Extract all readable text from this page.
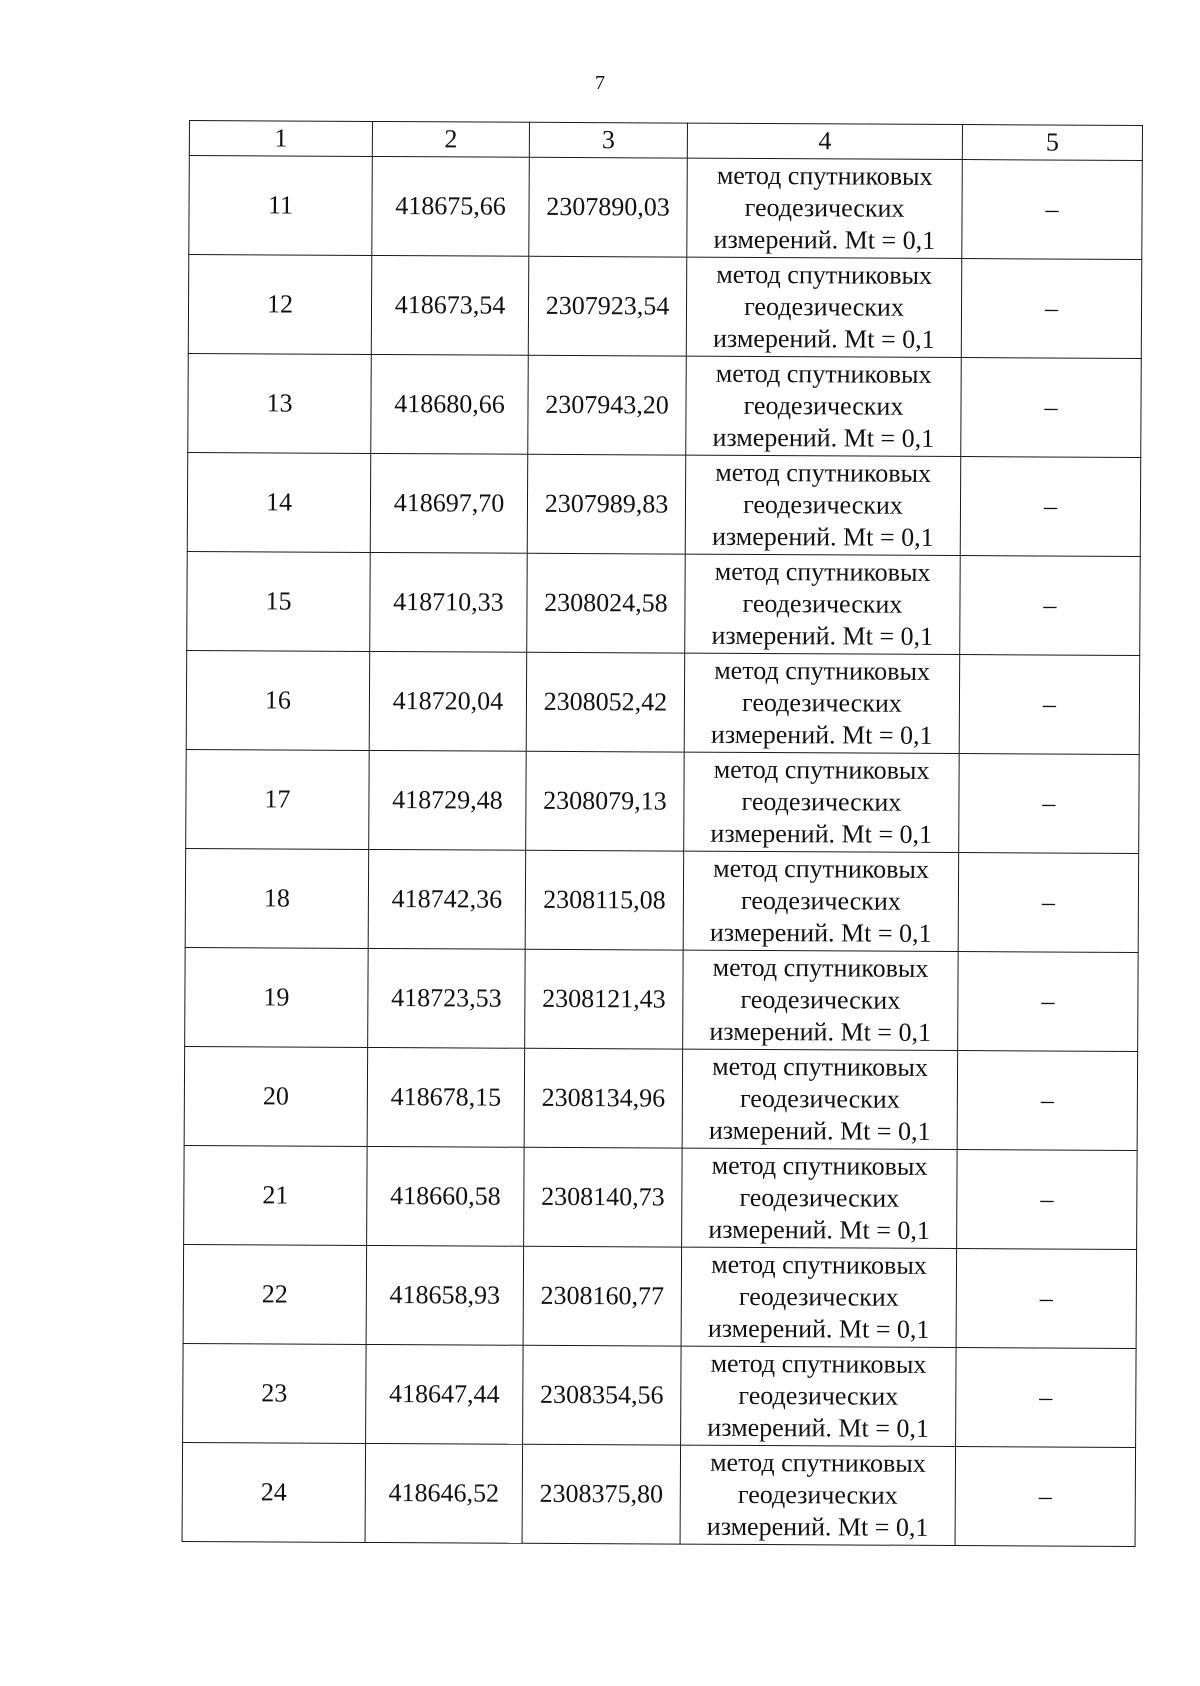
7
1	2	3	4	5
11	418675,66	2307890,03	метод спутниковых
геодезических
измерений. Mt = 0,1	–
12	418673,54	2307923,54	метод спутниковых
геодезических
измерений. Mt = 0,1	–
13	418680,66	2307943,20	метод спутниковых
геодезических
измерений. Mt = 0,1	–
14	418697,70	2307989,83	метод спутниковых
геодезических
измерений. Mt = 0,1	–
15	418710,33	2308024,58	метод спутниковых
геодезических
измерений. Mt = 0,1	–
16	418720,04	2308052,42	метод спутниковых
геодезических
измерений. Mt = 0,1	–
17	418729,48	2308079,13	метод спутниковых
геодезических
измерений. Mt = 0,1	–
18	418742,36	2308115,08	метод спутниковых
геодезических
измерений. Mt = 0,1	–
19	418723,53	2308121,43	метод спутниковых
геодезических
измерений. Mt = 0,1	–
20	418678,15	2308134,96	метод спутниковых
геодезических
измерений. Mt = 0,1	–
21	418660,58	2308140,73	метод спутниковых
геодезических
измерений. Mt = 0,1	–
22	418658,93	2308160,77	метод спутниковых
геодезических
измерений. Mt = 0,1	–
23	418647,44	2308354,56	метод спутниковых
геодезических
измерений. Mt = 0,1	–
24	418646,52	2308375,80	метод спутниковых
геодезических
измерений. Mt = 0,1	–
